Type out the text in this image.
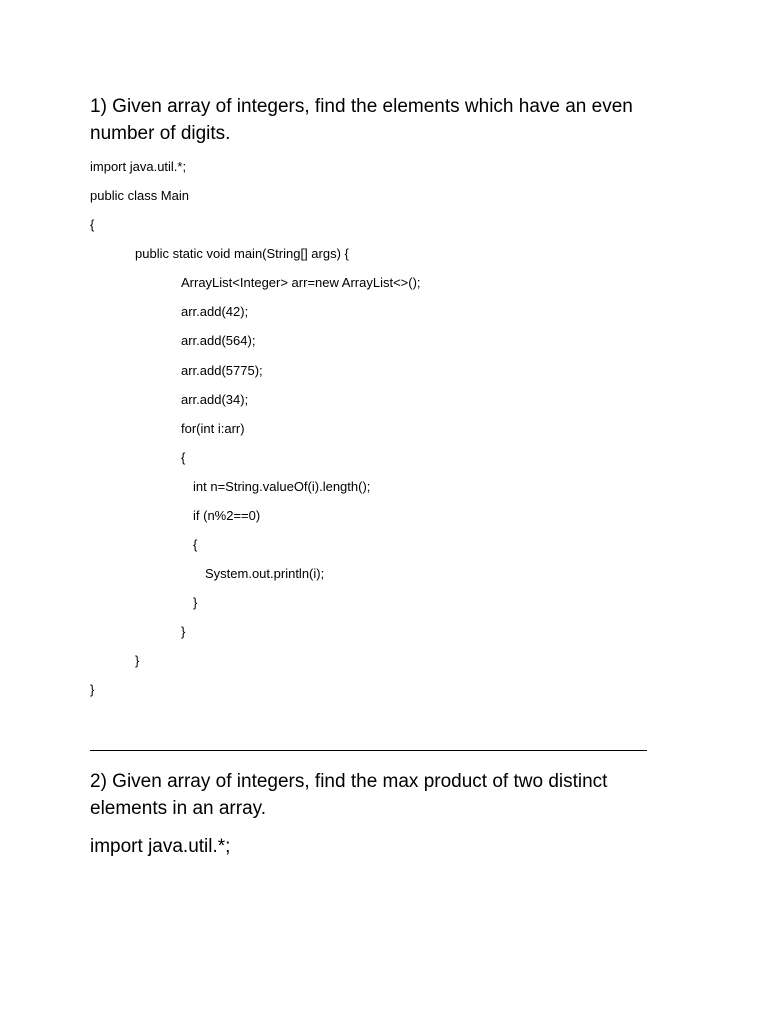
1) Given array of integers, find the elements which have an even number of digits.
import java.util.*;
public class Main
{
public static void main(String[] args) {
ArrayList<Integer> arr=new ArrayList<>();
arr.add(42);
arr.add(564);
arr.add(5775);
arr.add(34);
for(int i:arr)
{
int n=String.valueOf(i).length();
if (n%2==0)
{
System.out.println(i);
}
}
}
}
2) Given array of integers, find the max product of two distinct elements in an array.
import java.util.*;
